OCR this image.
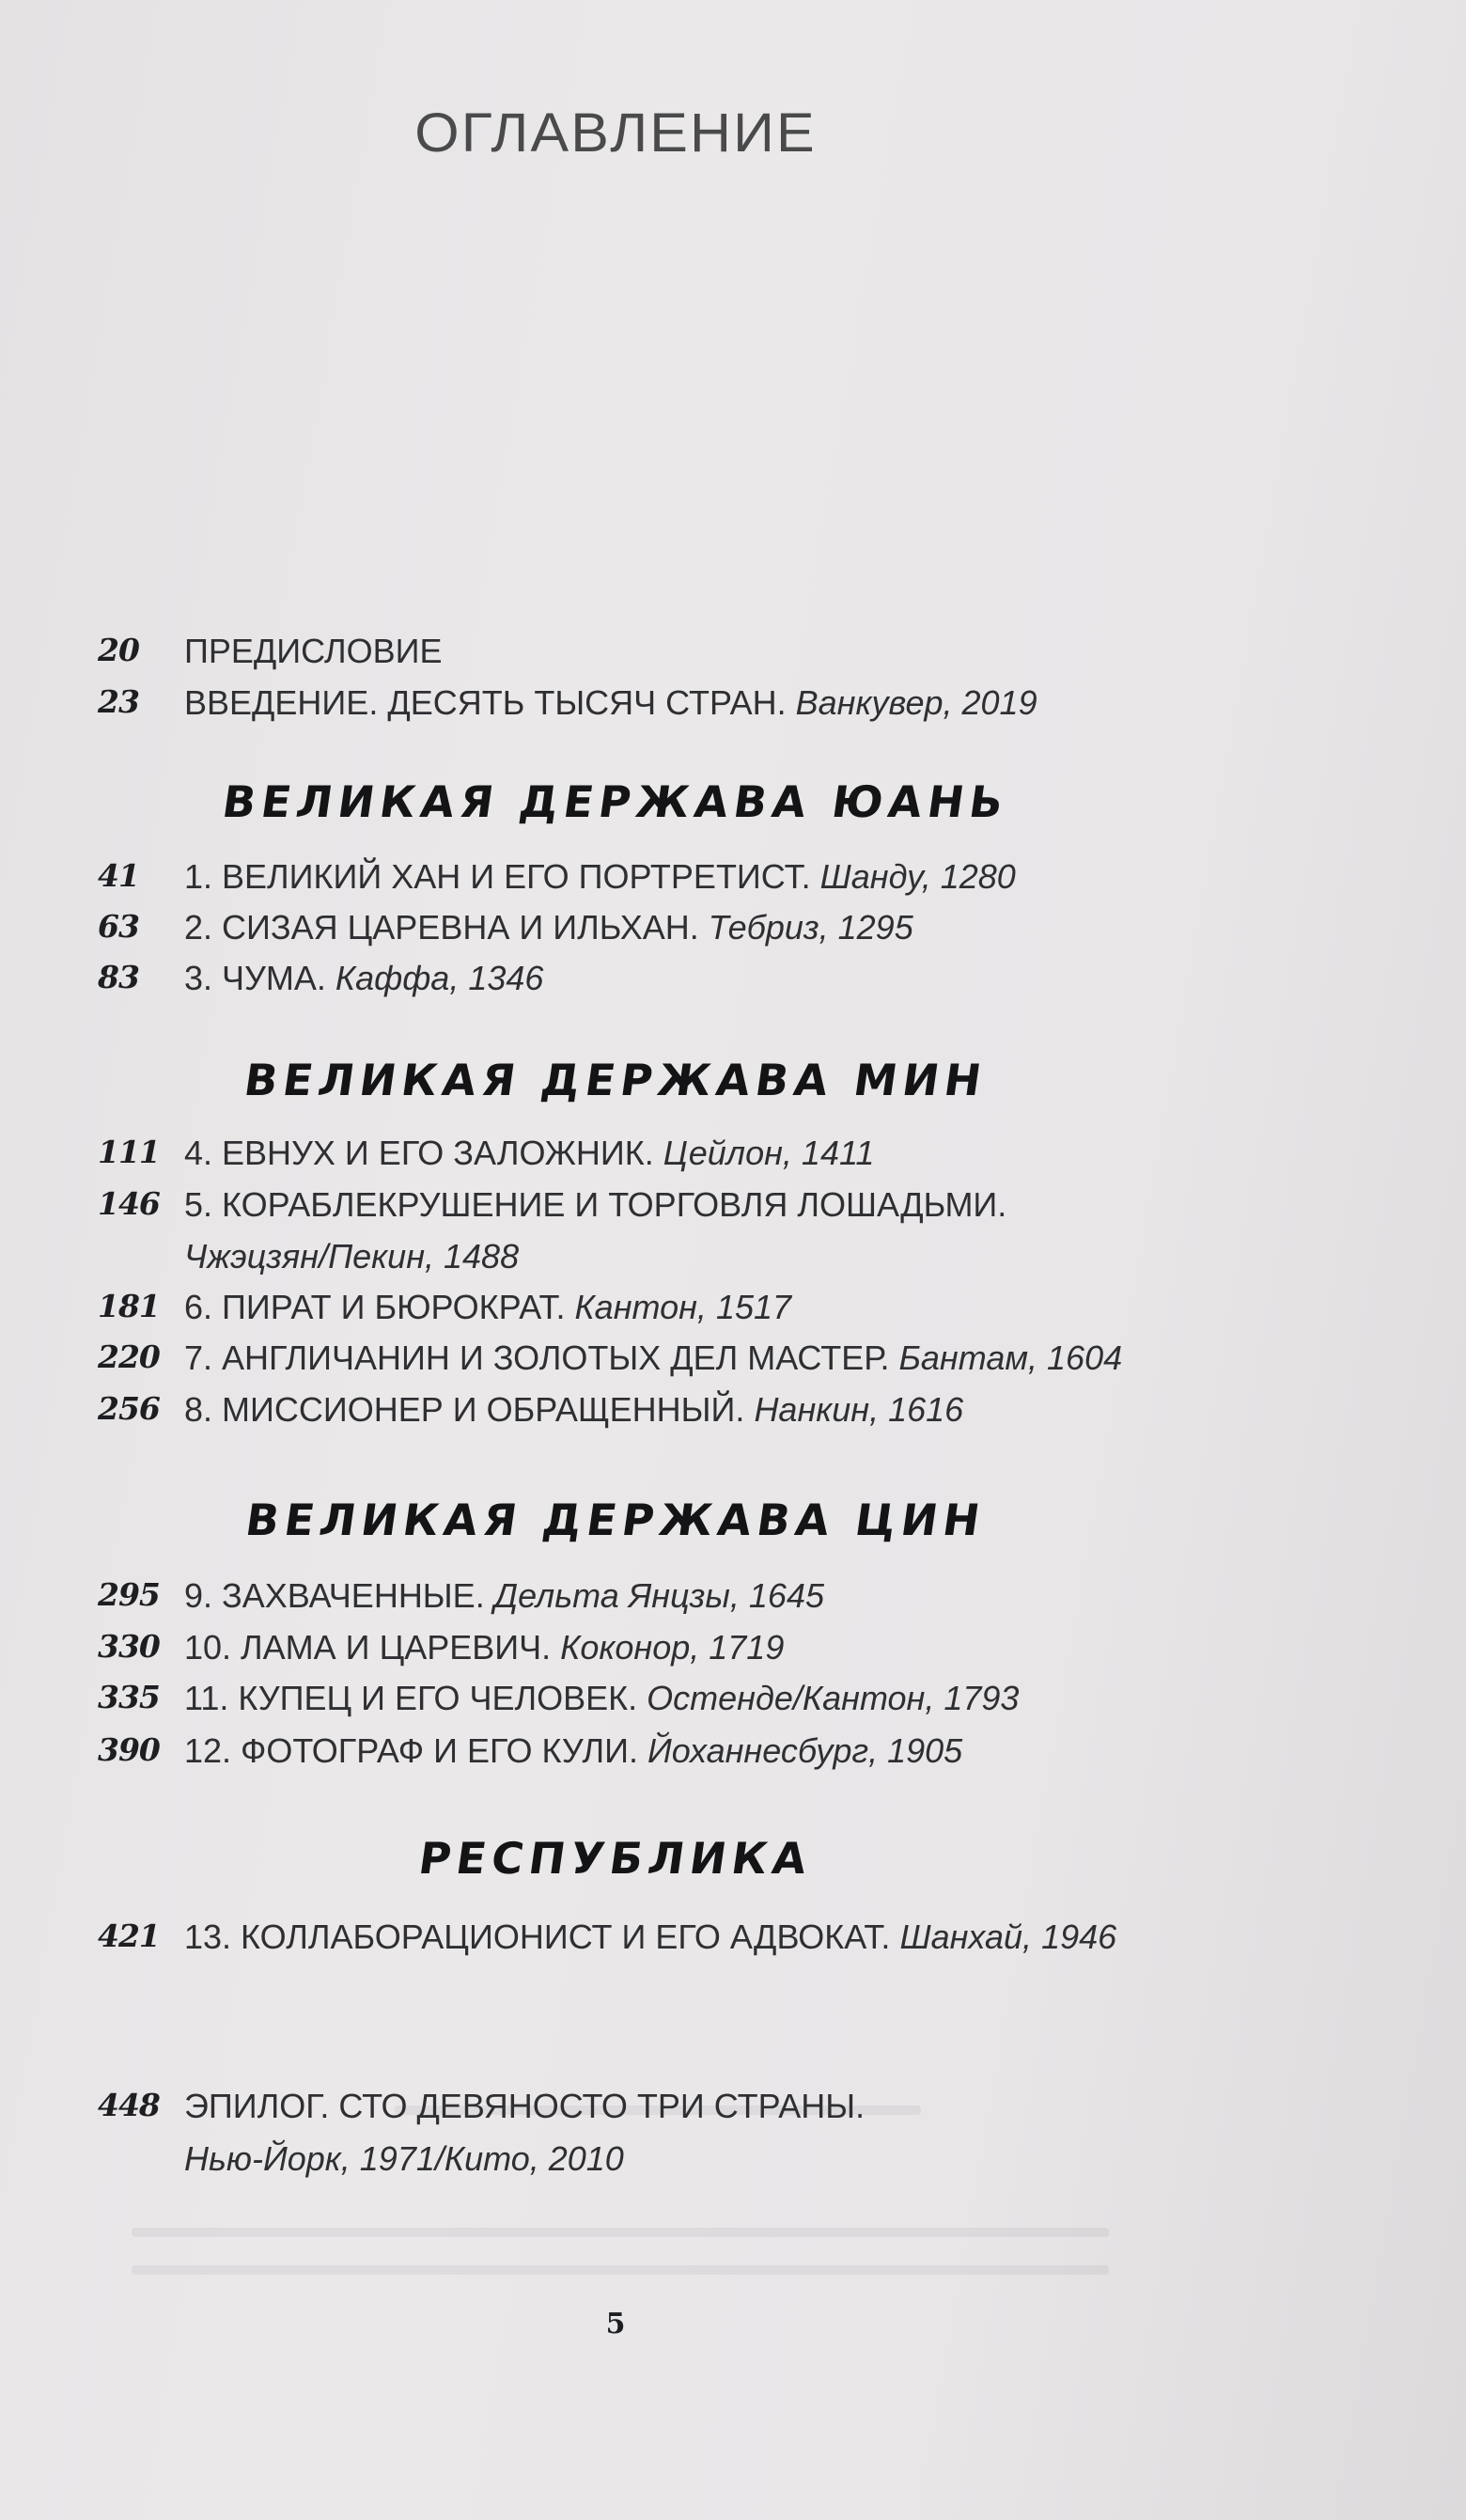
ОГЛАВЛЕНИЕ
20 ПРЕДИСЛОВИЕ
23 ВВЕДЕНИЕ. ДЕСЯТЬ ТЫСЯЧ СТРАН. Ванкувер, 2019
ВЕЛИКАЯ ДЕРЖАВА ЮАНЬ
41 1. ВЕЛИКИЙ ХАН И ЕГО ПОРТРЕТИСТ. Шанду, 1280
63 2. СИЗАЯ ЦАРЕВНА И ИЛЬХАН. Тебриз, 1295
83 3. ЧУМА. Каффа, 1346
ВЕЛИКАЯ ДЕРЖАВА МИН
111 4. ЕВНУХ И ЕГО ЗАЛОЖНИК. Цейлон, 1411
146 5. КОРАБЛЕКРУШЕНИЕ И ТОРГОВЛЯ ЛОШАДЬМИ.
Чжэцзян/Пекин, 1488
181 6. ПИРАТ И БЮРОКРАТ. Кантон, 1517
220 7. АНГЛИЧАНИН И ЗОЛОТЫХ ДЕЛ МАСТЕР. Бантам, 1604
256 8. МИССИОНЕР И ОБРАЩЕННЫЙ. Нанкин, 1616
ВЕЛИКАЯ ДЕРЖАВА ЦИН
295 9. ЗАХВАЧЕННЫЕ. Дельта Янцзы, 1645
330 10. ЛАМА И ЦАРЕВИЧ. Коконор, 1719
335 11. КУПЕЦ И ЕГО ЧЕЛОВЕК. Остенде/Кантон, 1793
390 12. ФОТОГРАФ И ЕГО КУЛИ. Йоханнесбург, 1905
РЕСПУБЛИКА
421 13. КОЛЛАБОРАЦИОНИСТ И ЕГО АДВОКАТ. Шанхай, 1946
448 ЭПИЛОГ. СТО ДЕВЯНОСТО ТРИ СТРАНЫ.
Нью-Йорк, 1971/Кито, 2010
5
